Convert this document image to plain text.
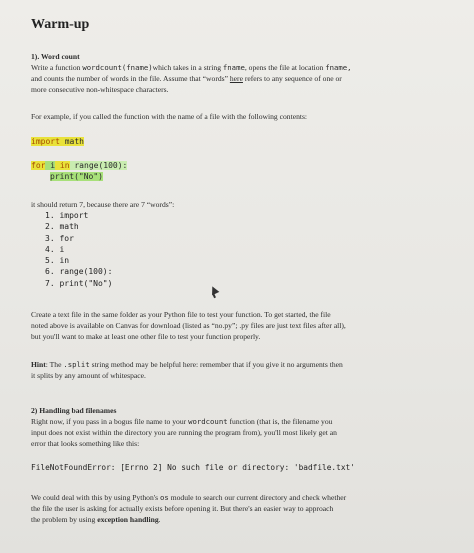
Warm-up
1). Word count
Write a function wordcount(fname)which takes in a string fname, opens the file at location fname,
and counts the number of words in the file. Assume that “words” here refers to any sequence of one or
more consecutive non-whitespace characters.
For example, if you called the function with the name of a file with the following contents:
import math
for i in range(100):
print("No")
it should return 7, because there are 7 “words”:
1. import
2. math
3. for
4. i
5. in
6. range(100):
7. print("No")
Create a text file in the same folder as your Python file to test your function. To get started, the file
noted above is available on Canvas for download (listed as “no.py”; .py files are just text files after all),
but you'll want to make at least one other file to test your function properly.
Hint: The .split string method may be helpful here: remember that if you give it no arguments then
it splits by any amount of whitespace.
2) Handling bad filenames
Right now, if you pass in a bogus file name to your wordcount function (that is, the filename you
input does not exist within the directory you are running the program from), you'll most likely get an
error that looks something like this:
FileNotFoundError: [Errno 2] No such file or directory: 'badfile.txt'
We could deal with this by using Python's os module to search our current directory and check whether
the file the user is asking for actually exists before opening it. But there's an easier way to approach
the problem by using exception handling.
